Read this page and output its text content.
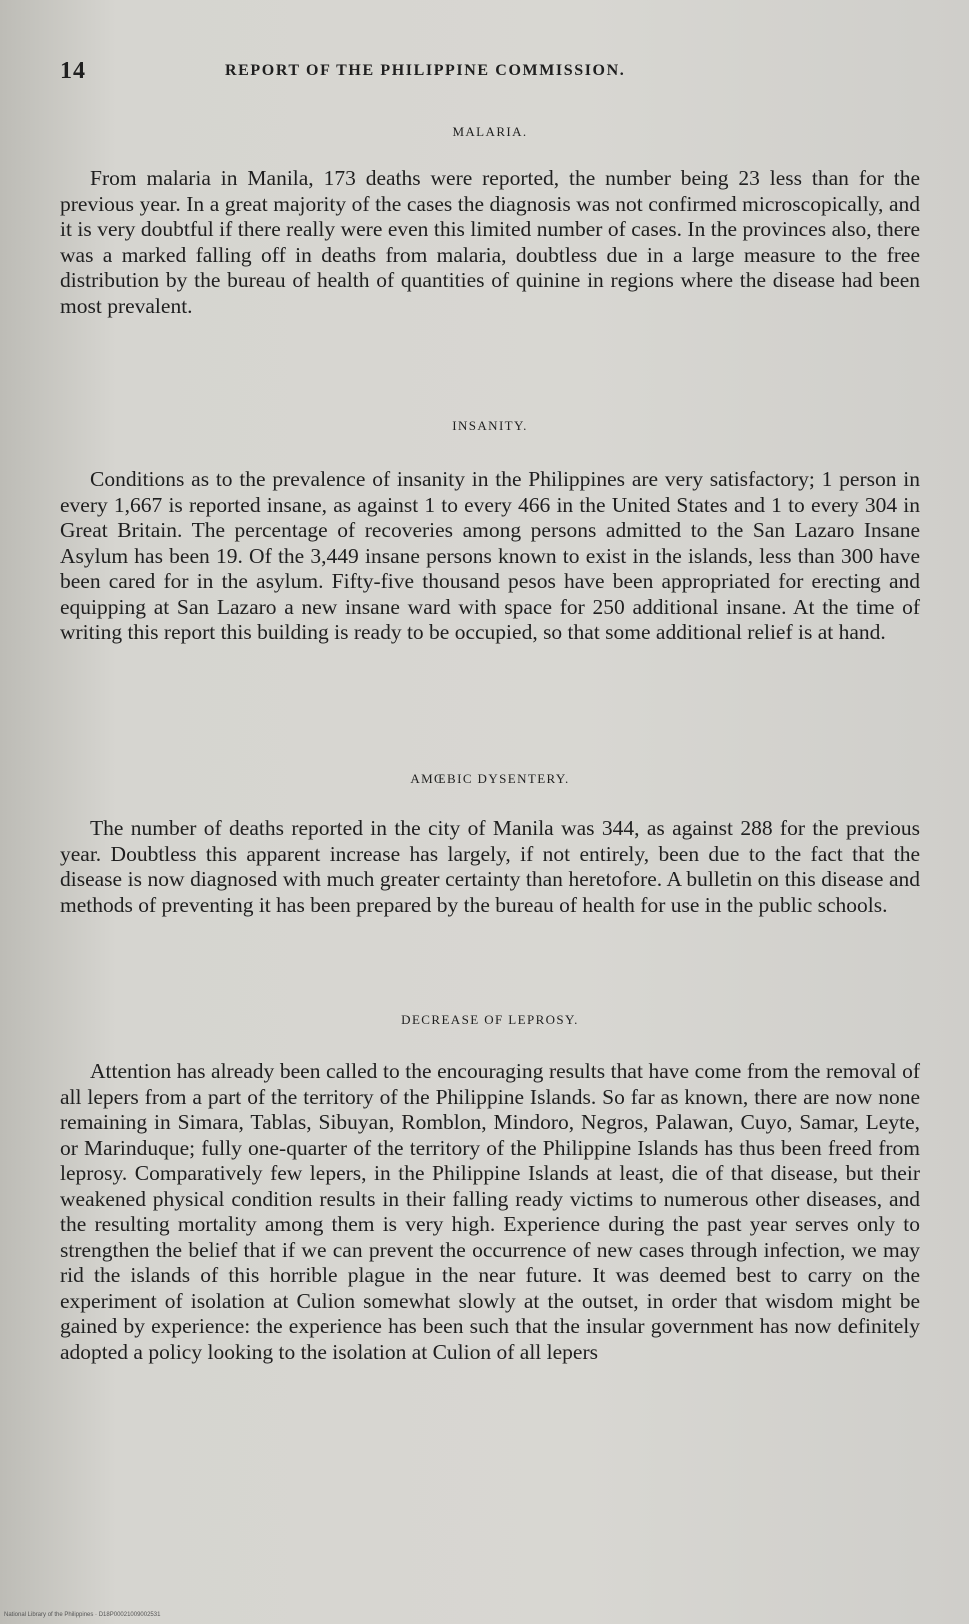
14	REPORT OF THE PHILIPPINE COMMISSION.
MALARIA.

From malaria in Manila, 173 deaths were reported, the number being 23 less than for the previous year. In a great majority of the cases the diagnosis was not confirmed microscopically, and it is very doubtful if there really were even this limited number of cases. In the provinces also, there was a marked falling off in deaths from malaria, doubtless due in a large measure to the free distribution by the bureau of health of quantities of quinine in regions where the disease had been most prevalent.

INSANITY.

Conditions as to the prevalence of insanity in the Philippines are very satisfactory; 1 person in every 1,667 is reported insane, as against 1 to every 466 in the United States and 1 to every 304 in Great Britain. The percentage of recoveries among persons admitted to the San Lazaro Insane Asylum has been 19. Of the 3,449 insane persons known to exist in the islands, less than 300 have been cared for in the asylum. Fifty-five thousand pesos have been appropriated for erecting and equipping at San Lazaro a new insane ward with space for 250 additional insane. At the time of writing this report this building is ready to be occupied, so that some additional relief is at hand.

AMŒBIC DYSENTERY.

The number of deaths reported in the city of Manila was 344, as against 288 for the previous year. Doubtless this apparent increase has largely, if not entirely, been due to the fact that the disease is now diagnosed with much greater certainty than heretofore. A bulletin on this disease and methods of preventing it has been prepared by the bureau of health for use in the public schools.

DECREASE OF LEPROSY.

Attention has already been called to the encouraging results that have come from the removal of all lepers from a part of the territory of the Philippine Islands. So far as known, there are now none remaining in Simara, Tablas, Sibuyan, Romblon, Mindoro, Negros, Palawan, Cuyo, Samar, Leyte, or Marinduque; fully one-quarter of the territory of the Philippine Islands has thus been freed from leprosy. Comparatively few lepers, in the Philippine Islands at least, die of that disease, but their weakened physical condition results in their falling ready victims to numerous other diseases, and the resulting mortality among them is very high. Experience during the past year serves only to strengthen the belief that if we can prevent the occurrence of new cases through infection, we may rid the islands of this horrible plague in the near future. It was deemed best to carry on the experiment of isolation at Culion somewhat slowly at the outset, in order that wisdom might be gained by experience: the experience has been such that the insular government has now definitely adopted a policy looking to the isolation at Culion of all lepers

National Library of the Philippines · D18P00021009002531
